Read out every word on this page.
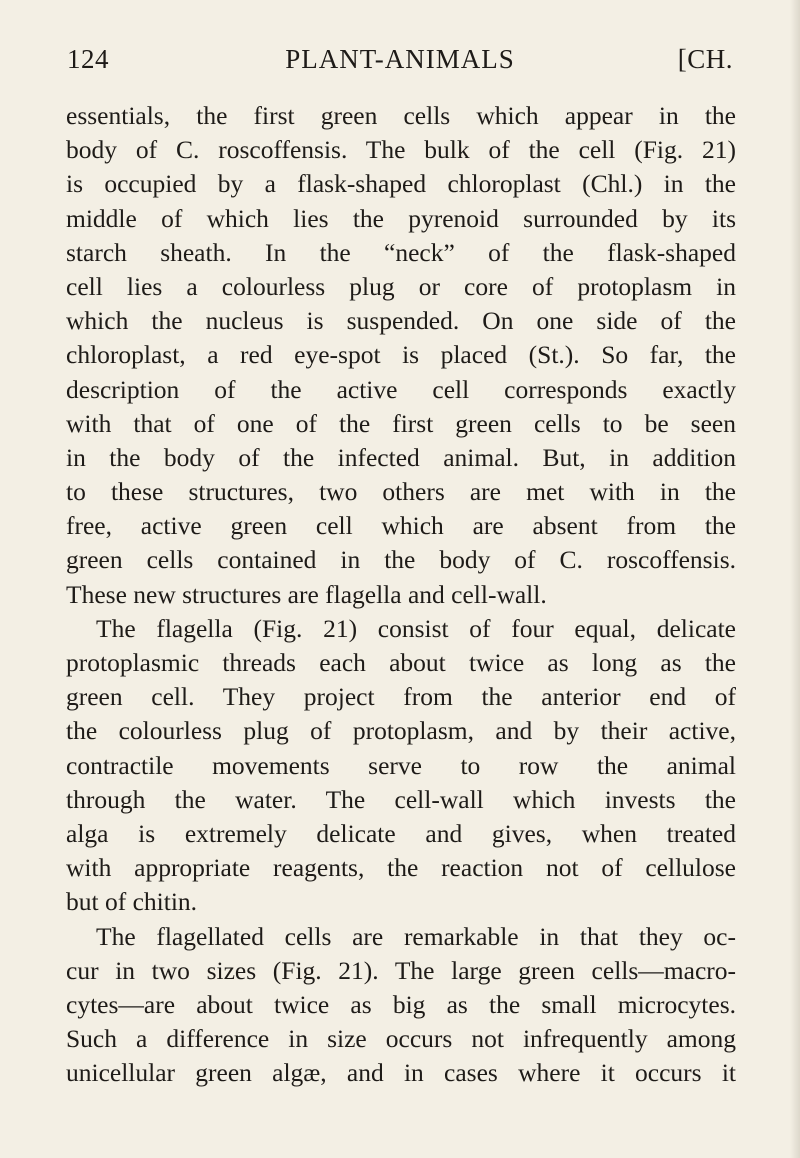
124	PLANT-ANIMALS	[CH.
essentials, the first green cells which appear in the
body of C. roscoffensis. The bulk of the cell (Fig. 21)
is occupied by a flask-shaped chloroplast (Chl.) in the
middle of which lies the pyrenoid surrounded by its
starch sheath. In the “neck” of the flask-shaped
cell lies a colourless plug or core of protoplasm in
which the nucleus is suspended. On one side of the
chloroplast, a red eye-spot is placed (St.). So far, the
description of the active cell corresponds exactly
with that of one of the first green cells to be seen
in the body of the infected animal. But, in addition
to these structures, two others are met with in the
free, active green cell which are absent from the
green cells contained in the body of C. roscoffensis.
These new structures are flagella and cell-wall.
The flagella (Fig. 21) consist of four equal, delicate
protoplasmic threads each about twice as long as the
green cell. They project from the anterior end of
the colourless plug of protoplasm, and by their active,
contractile movements serve to row the animal
through the water. The cell-wall which invests the
alga is extremely delicate and gives, when treated
with appropriate reagents, the reaction not of cellulose
but of chitin.
The flagellated cells are remarkable in that they oc-
cur in two sizes (Fig. 21). The large green cells—macro-
cytes—are about twice as big as the small microcytes.
Such a difference in size occurs not infrequently among
unicellular green algæ, and in cases where it occurs it
